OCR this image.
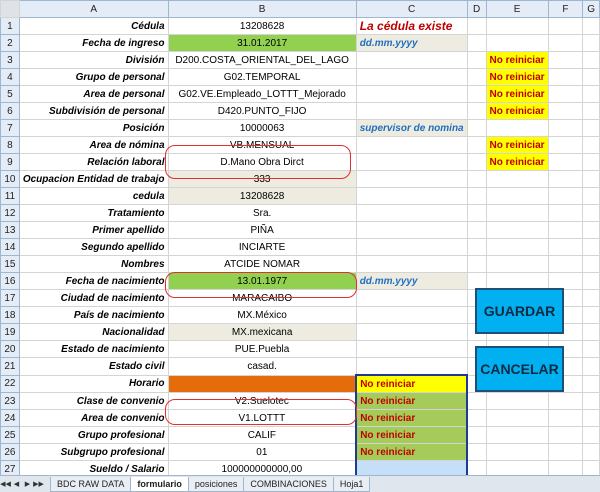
	A	B	C	D	E	F	G
1	Cédula	13208628	La cédula existe				
2	Fecha de ingreso	31.01.2017	dd.mm.yyyy				
3	División	D200.COSTA_ORIENTAL_DEL_LAGO			No reiniciar		
4	Grupo de personal	G02.TEMPORAL			No reiniciar		
5	Area de personal	G02.VE.Empleado_LOTTT_Mejorado			No reiniciar		
6	Subdivisión de personal	D420.PUNTO_FIJO			No reiniciar		
7	Posición	10000063	supervisor de nomina				
8	Area de nómina	VB.MENSUAL			No reiniciar		
9	Relación laboral	D.Mano Obra Dirct			No reiniciar		
10	Ocupacion Entidad de trabajo	333					
11	cedula	13208628					
12	Tratamiento	Sra.					
13	Primer apellido	PIÑA					
14	Segundo apellido	INCIARTE					
15	Nombres	ATCIDE NOMAR					
16	Fecha de nacimiento	13.01.1977	dd.mm.yyyy				
17	Ciudad de nacimiento	MARACAIBO					
18	País de nacimiento	MX.México					
19	Nacionalidad	MX.mexicana					
20	Estado de nacimiento	PUE.Puebla					
21	Estado civil	casad.					
22	Horario		No reiniciar				
23	Clase de convenio	V2.Suelotec	No reiniciar				
24	Area de convenio	V1.LOTTT	No reiniciar				
25	Grupo profesional	CALIF	No reiniciar				
26	Subgrupo profesional	01	No reiniciar				
27	Sueldo / Salario	100000000000,00					

GUARDAR
CANCELAR
◀◀ ◀ ▶ ▶▶	BDC RAW DATA	formulario	posiciones	COMBINACIONES	Hoja1
